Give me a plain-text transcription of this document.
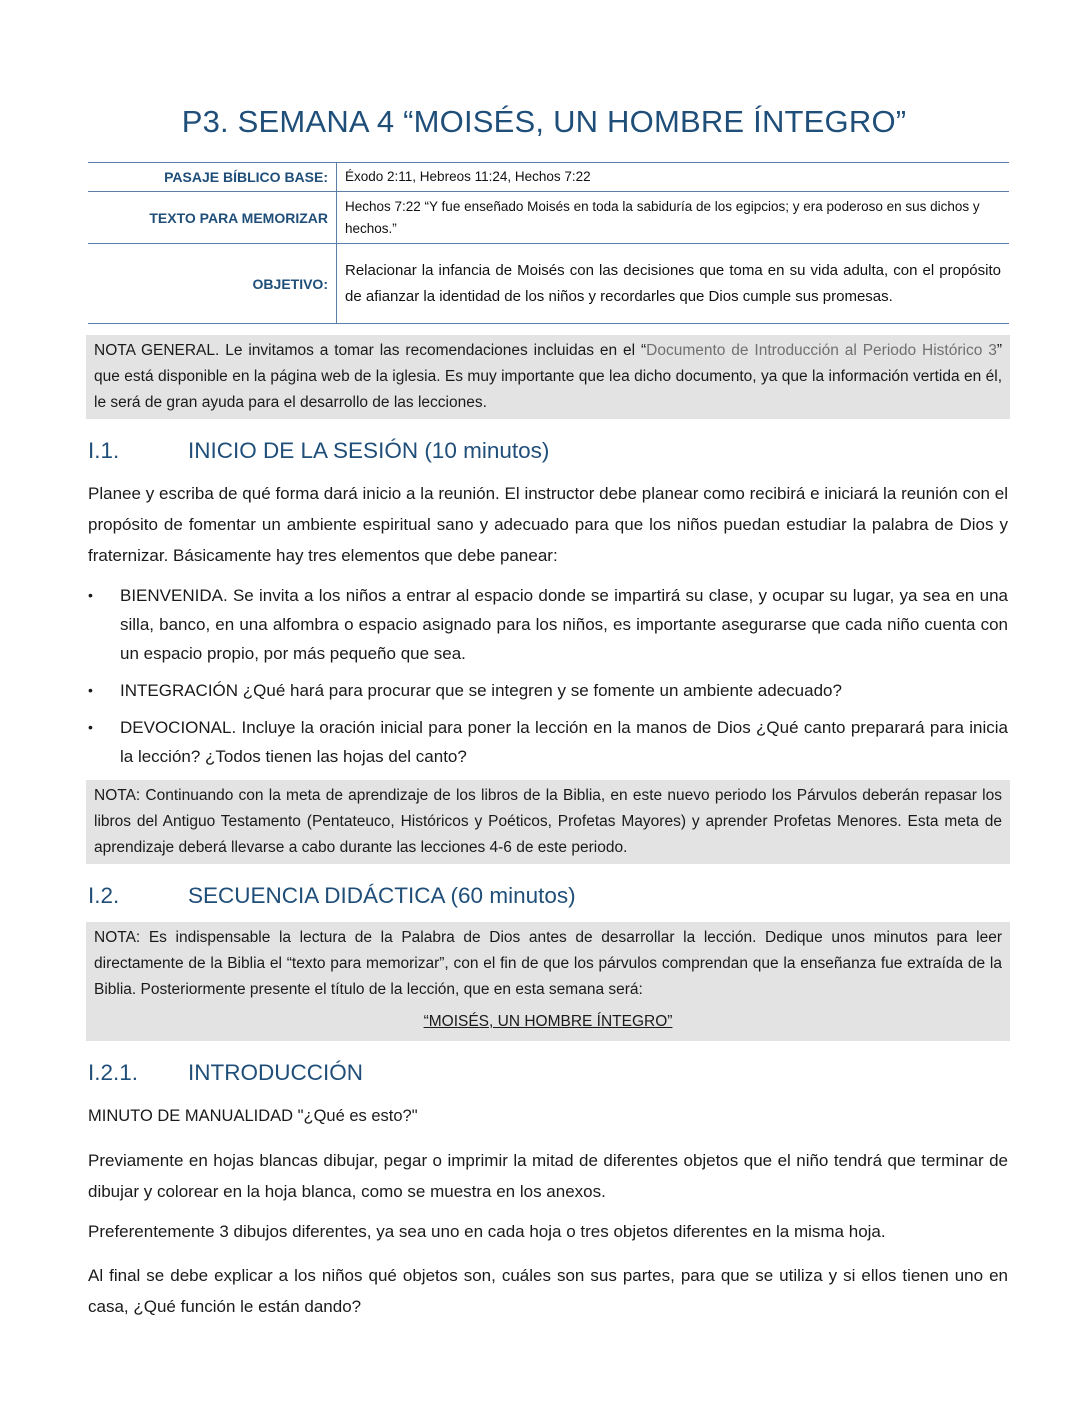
P3. SEMANA 4 “MOISÉS, UN HOMBRE ÍNTEGRO”
PASAJE BÍBLICO BASE:	Éxodo 2:11, Hebreos 11:24, Hechos 7:22
TEXTO PARA MEMORIZAR	Hechos 7:22 “Y fue enseñado Moisés en toda la sabiduría de los egipcios; y era poderoso en sus dichos y hechos.”
OBJETIVO:	Relacionar la infancia de Moisés con las decisiones que toma en su vida adulta, con el propósito de afianzar la identidad de los niños y recordarles que Dios cumple sus promesas.
NOTA GENERAL. Le invitamos a tomar las recomendaciones incluidas en el “Documento de Introducción al Periodo Histórico 3” que está disponible en la página web de la iglesia. Es muy importante que lea dicho documento, ya que la información vertida en él, le será de gran ayuda para el desarrollo de las lecciones.
I.1.	INICIO DE LA SESIÓN (10 minutos)
Planee y escriba de qué forma dará inicio a la reunión. El instructor debe planear como recibirá e iniciará la reunión con el propósito de fomentar un ambiente espiritual sano y adecuado para que los niños puedan estudiar la palabra de Dios y fraternizar. Básicamente hay tres elementos que debe panear:
•	BIENVENIDA. Se invita a los niños a entrar al espacio donde se impartirá su clase, y ocupar su lugar, ya sea en una silla, banco, en una alfombra o espacio asignado para los niños, es importante asegurarse que cada niño cuenta con un espacio propio, por más pequeño que sea.
•	INTEGRACIÓN ¿Qué hará para procurar que se integren y se fomente un ambiente adecuado?
•	DEVOCIONAL. Incluye la oración inicial para poner la lección en la manos de Dios ¿Qué canto preparará para inicia la lección? ¿Todos tienen las hojas del canto?
NOTA: Continuando con la meta de aprendizaje de los libros de la Biblia, en este nuevo periodo los Párvulos deberán repasar los libros del Antiguo Testamento (Pentateuco, Históricos y Poéticos, Profetas Mayores) y aprender Profetas Menores. Esta meta de aprendizaje deberá llevarse a cabo durante las lecciones 4-6 de este periodo.
I.2.	SECUENCIA DIDÁCTICA (60 minutos)
NOTA: Es indispensable la lectura de la Palabra de Dios antes de desarrollar la lección. Dedique unos minutos para leer directamente de la Biblia el “texto para memorizar”, con el fin de que los párvulos comprendan que la enseñanza fue extraída de la Biblia. Posteriormente presente el título de la lección, que en esta semana será:
“MOISÉS, UN HOMBRE ÍNTEGRO”
I.2.1. INTRODUCCIÓN
MINUTO DE MANUALIDAD "¿Qué es esto?"
Previamente en hojas blancas dibujar, pegar o imprimir la mitad de diferentes objetos que el niño tendrá que terminar de dibujar y colorear en la hoja blanca, como se muestra en los anexos.
Preferentemente 3 dibujos diferentes, ya sea uno en cada hoja o tres objetos diferentes en la misma hoja.
Al final se debe explicar a los niños qué objetos son, cuáles son sus partes, para que se utiliza y si ellos tienen uno en casa, ¿Qué función le están dando?
